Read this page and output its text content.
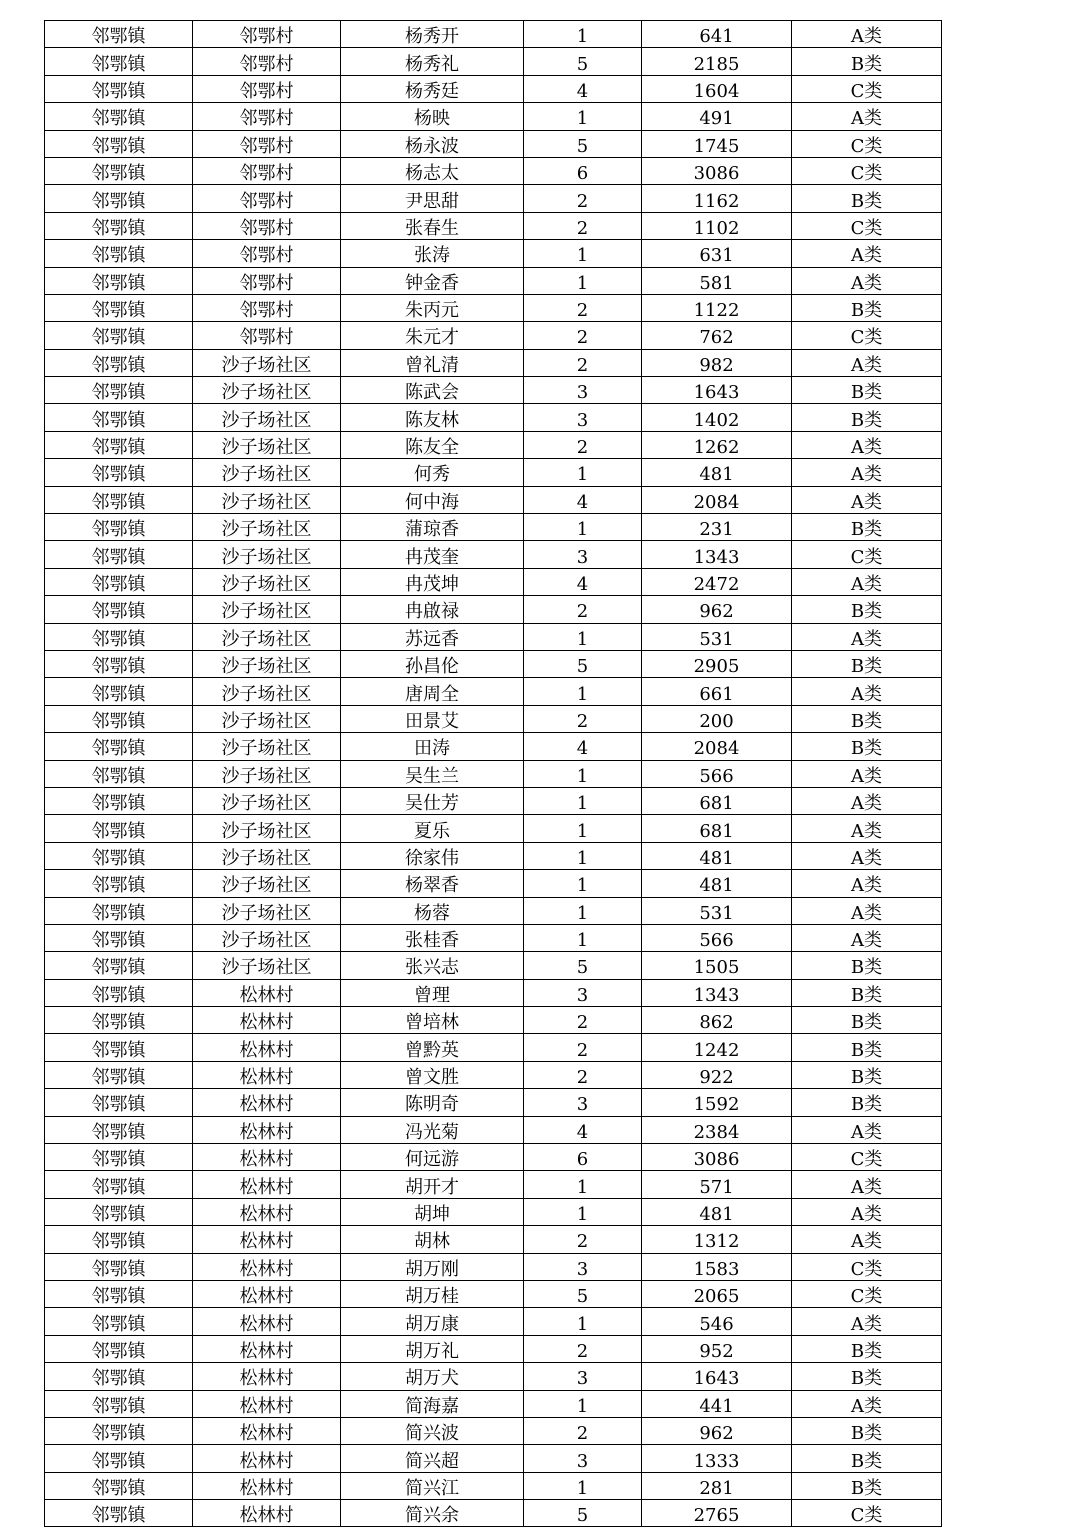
邻鄂镇	邻鄂村	杨秀开	1	641	A类
邻鄂镇	邻鄂村	杨秀礼	5	2185	B类
邻鄂镇	邻鄂村	杨秀廷	4	1604	C类
邻鄂镇	邻鄂村	杨映	1	491	A类
邻鄂镇	邻鄂村	杨永波	5	1745	C类
邻鄂镇	邻鄂村	杨志太	6	3086	C类
邻鄂镇	邻鄂村	尹思甜	2	1162	B类
邻鄂镇	邻鄂村	张春生	2	1102	C类
邻鄂镇	邻鄂村	张涛	1	631	A类
邻鄂镇	邻鄂村	钟金香	1	581	A类
邻鄂镇	邻鄂村	朱丙元	2	1122	B类
邻鄂镇	邻鄂村	朱元才	2	762	C类
邻鄂镇	沙子场社区	曾礼清	2	982	A类
邻鄂镇	沙子场社区	陈武会	3	1643	B类
邻鄂镇	沙子场社区	陈友林	3	1402	B类
邻鄂镇	沙子场社区	陈友全	2	1262	A类
邻鄂镇	沙子场社区	何秀	1	481	A类
邻鄂镇	沙子场社区	何中海	4	2084	A类
邻鄂镇	沙子场社区	蒲琼香	1	231	B类
邻鄂镇	沙子场社区	冉茂奎	3	1343	C类
邻鄂镇	沙子场社区	冉茂坤	4	2472	A类
邻鄂镇	沙子场社区	冉啟禄	2	962	B类
邻鄂镇	沙子场社区	苏远香	1	531	A类
邻鄂镇	沙子场社区	孙昌伦	5	2905	B类
邻鄂镇	沙子场社区	唐周全	1	661	A类
邻鄂镇	沙子场社区	田景艾	2	200	B类
邻鄂镇	沙子场社区	田涛	4	2084	B类
邻鄂镇	沙子场社区	吴生兰	1	566	A类
邻鄂镇	沙子场社区	吴仕芳	1	681	A类
邻鄂镇	沙子场社区	夏乐	1	681	A类
邻鄂镇	沙子场社区	徐家伟	1	481	A类
邻鄂镇	沙子场社区	杨翠香	1	481	A类
邻鄂镇	沙子场社区	杨蓉	1	531	A类
邻鄂镇	沙子场社区	张桂香	1	566	A类
邻鄂镇	沙子场社区	张兴志	5	1505	B类
邻鄂镇	松林村	曾理	3	1343	B类
邻鄂镇	松林村	曾培林	2	862	B类
邻鄂镇	松林村	曾黔英	2	1242	B类
邻鄂镇	松林村	曾文胜	2	922	B类
邻鄂镇	松林村	陈明奇	3	1592	B类
邻鄂镇	松林村	冯光菊	4	2384	A类
邻鄂镇	松林村	何远游	6	3086	C类
邻鄂镇	松林村	胡开才	1	571	A类
邻鄂镇	松林村	胡坤	1	481	A类
邻鄂镇	松林村	胡林	2	1312	A类
邻鄂镇	松林村	胡万刚	3	1583	C类
邻鄂镇	松林村	胡万桂	5	2065	C类
邻鄂镇	松林村	胡万康	1	546	A类
邻鄂镇	松林村	胡万礼	2	952	B类
邻鄂镇	松林村	胡万犬	3	1643	B类
邻鄂镇	松林村	简海嘉	1	441	A类
邻鄂镇	松林村	简兴波	2	962	B类
邻鄂镇	松林村	简兴超	3	1333	B类
邻鄂镇	松林村	简兴江	1	281	B类
邻鄂镇	松林村	简兴余	5	2765	C类
